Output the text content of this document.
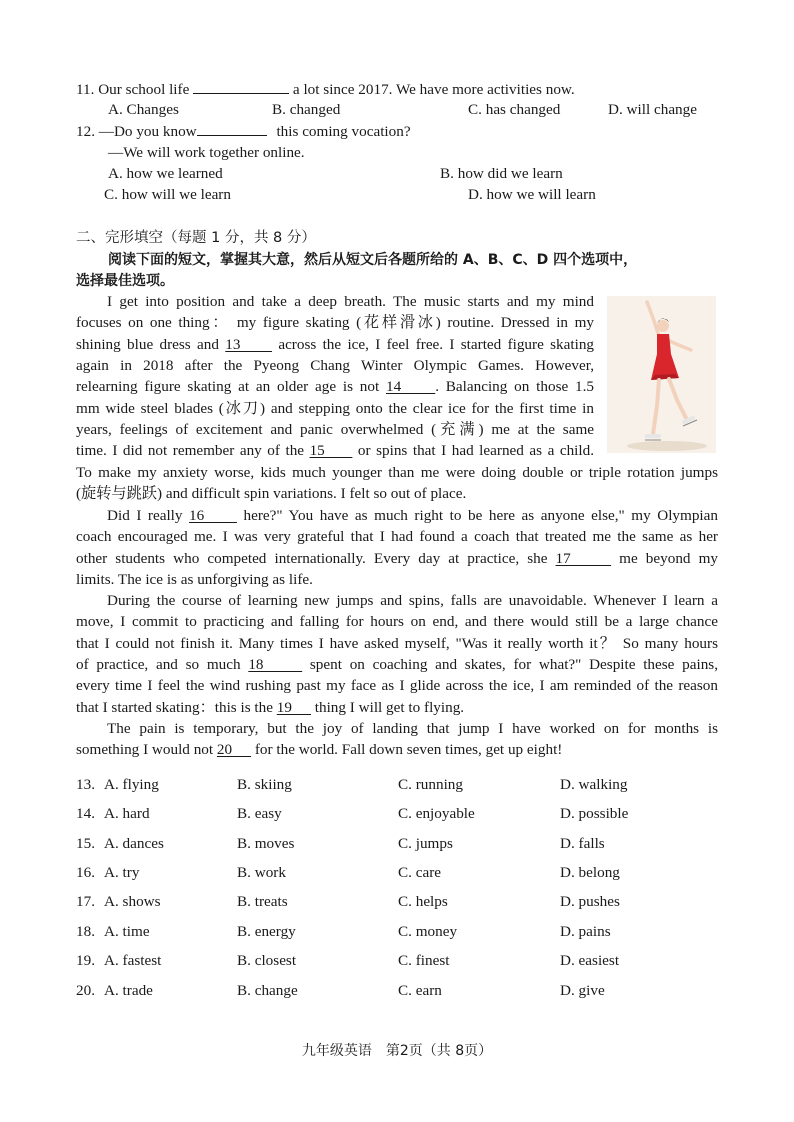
11. Our school life	a lot since 2017. We have more activities now.
A. Changes	B. changed	C. has changed	D. will change
12. —Do you know	this coming vocation?
—We will work together online.
A. how we learned	B. how did we learn
C. how will we learn	D. how we will learn
二、完形填空（每题 1 分，共 8 分）
阅读下面的短文，掌握其大意，然后从短文后各题所给的 A、B、C、D 四个选项中，
选择最佳选项。
I get into position and take a deep breath. The music starts and my mind
focuses on one thing： my figure skating (花样滑冰) routine. Dressed in my
shining blue dress and 13      across the ice, I feel free. I started figure skating
again in 2018 after the Pyeong Chang Winter Olympic Games. However,
relearning figure skating at an older age is not 14     . Balancing on those 1.5
mm wide steel blades (冰刀) and stepping onto the clear ice for the first time in
years, feelings of excitement and panic overwhelmed (充满) me at the same
time. I did not remember any of the 15      or spins that I had learned as a child.
To make my anxiety worse, kids much younger than me were doing double or triple rotation jumps
(旋转与跳跃) and difficult spin variations. I felt so out of place.
Did I really 16      here?" You have as much right to be here as anyone else," my Olympian
coach encouraged me. I was very grateful that I had found a coach that treated me the same as her
other students who competed internationally. Every day at practice, she 17      me beyond my
limits. The ice is as unforgiving as life.
During the course of learning new jumps and spins, falls are unavoidable. Whenever I learn a
move, I commit to practicing and falling for hours on end, and there would still be a large chance
that I could not finish it. Many times I have asked myself, "Was it really worth it？ So many hours
of practice, and so much 18      spent on coaching and skates, for what?" Despite these pains,
every time I feel the wind rushing past my face as I glide across the ice, I am reminded of the reason
that I started skating：this is the 19      thing I will get to flying.
The pain is temporary, but the joy of landing that jump I have worked on for months is
something I would not 20      for the world. Fall down seven times, get up eight!
13. A. flying	B. skiing	C. running	D. walking
14. A. hard	B. easy	C. enjoyable	D. possible
15. A. dances	B. moves	C. jumps	D. falls
16. A. try	B. work	C. care	D. belong
17. A. shows	B. treats	C. helps	D. pushes
18. A. time	B. energy	C. money	D. pains
19. A. fastest	B. closest	C. finest	D. easiest
20. A. trade	B. change	C. earn	D. give
九年级英语　第2页（共 8页）
